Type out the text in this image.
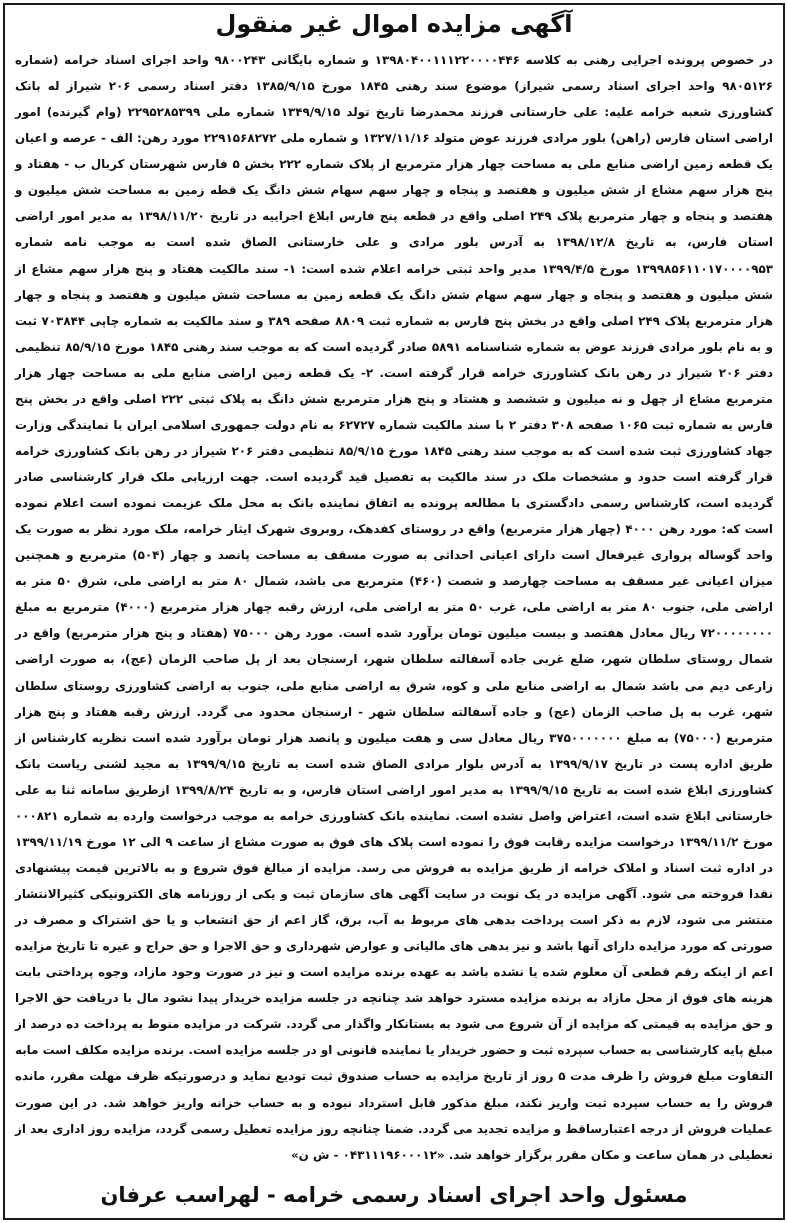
آگهی مزایده اموال غیر منقول

در خصوص پرونده اجرایی رهنی به کلاسه ۱۳۹۸۰۴۰۰۱۱۱۲۲۰۰۰۰۴۴۶ و شماره بایگانی ۹۸۰۰۲۴۳ واحد اجرای اسناد خرامه (شماره ۹۸۰۵۱۲۶ واحد اجرای اسناد رسمی شیراز) موضوع سند رهنی ۱۸۴۵ مورخ ۱۳۸۵/۹/۱۵ دفتر اسناد رسمی ۲۰۶ شیراز له بانک کشاورزی شعبه خرامه علیه: علی خارستانی فرزند محمدرضا تاریخ تولد ۱۳۴۹/۹/۱۵ شماره ملی ۲۲۹۵۲۸۵۳۹۹ (وام گیرنده) امور اراضی استان فارس (راهن) بلور مرادی فرزند عوض متولد ۱۳۲۷/۱۱/۱۶ و شماره ملی ۲۲۹۱۵۶۸۲۷۲ مورد رهن: الف - عرصه و اعیان یک قطعه زمین اراضی منابع ملی به مساحت چهار هزار مترمربع از پلاک شماره ۲۲۲ بخش ۵ فارس شهرستان کربال ب - هفتاد و پنج هزار سهم مشاع از شش میلیون و هفتصد و پنجاه و چهار سهم سهام شش دانگ یک قطه زمین به مساحت شش میلیون و هفتصد و پنجاه و چهار مترمربع پلاک ۲۴۹ اصلی واقع در قطعه پنج فارس ابلاغ اجراییه در تاریخ ۱۳۹۸/۱۱/۲۰ به مدیر امور اراضی استان فارس، به تاریخ ۱۳۹۸/۱۲/۸ به آدرس بلور مرادی و علی خارستانی الصاق شده است به موجب نامه شماره ۱۳۹۹۸۵۶۱۱۰۱۷۰۰۰۰۹۵۳ مورخ ۱۳۹۹/۴/۵ مدیر واحد ثبتی خرامه اعلام شده است: ۱- سند مالکیت هفتاد و پنج هزار سهم مشاع از شش میلیون و هفتصد و پنجاه و چهار سهم سهام شش دانگ یک قطعه زمین به مساحت شش میلیون و هفتصد و پنجاه و چهار هزار مترمربع پلاک ۲۴۹ اصلی واقع در بخش پنج فارس به شماره ثبت ۸۸۰۹ صفحه ۳۸۹ و سند مالکیت به شماره چاپی ۷۰۳۸۴۴ ثبت و به نام بلور مرادی فرزند عوض به شماره شناسنامه ۵۸۹۱ صادر گردیده است که به موجب سند رهنی ۱۸۴۵ مورخ ۸۵/۹/۱۵ تنظیمی دفتر ۲۰۶ شیراز در رهن بانک کشاورزی خرامه قرار گرفته است. ۲- یک قطعه زمین اراضی منابع ملی به مساحت چهار هزار مترمربع مشاع از چهل و نه میلیون و ششصد و هشتاد و پنج هزار مترمربع شش دانگ به پلاک ثبتی ۲۲۲ اصلی واقع در بخش پنج فارس به شماره ثبت ۱۰۶۵ صفحه ۳۰۸ دفتر ۲ با سند مالکیت شماره ۶۲۷۲۷ به نام دولت جمهوری اسلامی ایران با نمایندگی وزارت جهاد کشاورزی ثبت شده است که به موجب سند رهنی ۱۸۴۵ مورخ ۸۵/۹/۱۵ تنظیمی دفتر ۲۰۶ شیراز در رهن بانک کشاورزی خرامه قرار گرفته است حدود و مشخصات ملک در سند مالکیت به تفصیل قید گردیده است. جهت ارزیابی ملک قرار کارشناسی صادر گردیده است، کارشناس رسمی دادگستری با مطالعه پرونده به اتفاق نماینده بانک به محل ملک عزیمت نموده است اعلام نموده است که: مورد رهن ۴۰۰۰ (چهار هزار مترمربع) واقع در روستای کفدهک، روبروی شهرک ایثار خرامه، ملک مورد نظر به صورت یک واحد گوساله پرواری غیرفعال است دارای اعیانی احداثی به صورت مسقف به مساحت پانصد و چهار (۵۰۴) مترمربع و همچنین میزان اعیانی غیر مسقف به مساحت چهارصد و شصت (۴۶۰) مترمربع می باشد، شمال ۸۰ متر به اراضی ملی، شرق ۵۰ متر به اراضی ملی، جنوب ۸۰ متر به اراضی ملی، غرب ۵۰ متر به اراضی ملی، ارزش رقبه چهار هزار مترمربع (۴۰۰۰) مترمربع به مبلغ ۷۲۰۰۰۰۰۰۰۰ ریال معادل هفتصد و بیست میلیون تومان برآورد شده است. مورد رهن ۷۵۰۰۰ (هفتاد و پنج هزار مترمربع) واقع در شمال روستای سلطان شهر، ضلع غربی جاده آسفالته سلطان شهر، ارسنجان بعد از پل صاحب الزمان (عج)، به صورت اراضی زارعی دیم می باشد شمال به اراضی منابع ملی و کوه، شرق به اراضی منابع ملی، جنوب به اراضی کشاورزی روستای سلطان شهر، غرب به پل صاحب الزمان (عج) و جاده آسفالته سلطان شهر - ارسنجان محدود می گردد. ارزش رقبه هفتاد و پنج هزار مترمربع (۷۵۰۰۰) به مبلغ ۳۷۵۰۰۰۰۰۰۰ ریال معادل سی و هفت میلیون و پانصد هزار تومان برآورد شده است نظریه کارشناس از طریق اداره پست در تاریخ ۱۳۹۹/۹/۱۷ به آدرس بلوار مرادی الصاق شده است به تاریخ ۱۳۹۹/۹/۱۵ به مجید لشنی ریاست بانک کشاورزی ابلاغ شده است به تاریخ ۱۳۹۹/۹/۱۵ به مدیر امور اراضی استان فارس، و به تاریخ ۱۳۹۹/۸/۲۴ ازطریق سامانه ثنا به علی خارستانی ابلاغ شده است، اعتراض واصل نشده است. نماینده بانک کشاورزی خرامه به موجب درخواست وارده به شماره ۰۰۰۸۲۱ مورخ ۱۳۹۹/۱۱/۲ درخواست مزایده رقابت فوق را نموده است پلاک های فوق به صورت مشاع از ساعت ۹ الی ۱۲ مورخ ۱۳۹۹/۱۱/۱۹ در اداره ثبت اسناد و املاک خرامه از طریق مزایده به فروش می رسد. مزایده از مبالغ فوق شروع و به بالاترین قیمت پیشنهادی نقدا فروخته می شود. آگهی مزایده در یک نوبت در سایت آگهی های سازمان ثبت و یکی از روزنامه های الکترونیکی کثیرالانتشار منتشر می شود، لازم به ذکر است پرداخت بدهی های مربوط به آب، برق، گاز اعم از حق انشعاب و یا حق اشتراک و مصرف در صورتی که مورد مزایده دارای آنها باشد و نیز بدهی های مالیاتی و عوارض شهرداری و حق الاجرا و حق حراج و غیره تا تاریخ مزایده اعم از اینکه رقم قطعی آن معلوم شده یا نشده باشد به عهده برنده مزایده است و نیز در صورت وجود مازاد، وجوه پرداختی بابت هزینه های فوق از محل مازاد به برنده مزایده مسترد خواهد شد چنانچه در جلسه مزایده خریدار پیدا نشود مال با دریافت حق الاجرا و حق مزایده به قیمتی که مزایده از آن شروع می شود به بستانکار واگذار می گردد. شرکت در مزایده منوط به پرداخت ده درصد از مبلغ پایه کارشناسی به حساب سپرده ثبت و حضور خریدار یا نماینده قانونی او در جلسه مزایده است. برنده مزایده مکلف است مابه التفاوت مبلغ فروش را ظرف مدت ۵ روز از تاریخ مزایده به حساب صندوق ثبت تودیع نماید و درصورتیکه ظرف مهلت مقرر، مانده فروش را به حساب سپرده ثبت واریز نکند، مبلغ مذکور قابل استرداد نبوده و به حساب خزانه واریز خواهد شد. در این صورت عملیات فروش از درجه اعتبارساقط و مزایده تجدید می گردد. ضمنا چنانچه روز مزایده تعطیل رسمی گردد، مزایده روز اداری بعد از تعطیلی در همان ساعت و مکان مقرر برگزار خواهد شد. «۰۴۳۱۱۱۹۶۰۰۰۱۲ - ش ن»

مسئول واحد اجرای اسناد رسمی خرامه - لهراسب عرفان
